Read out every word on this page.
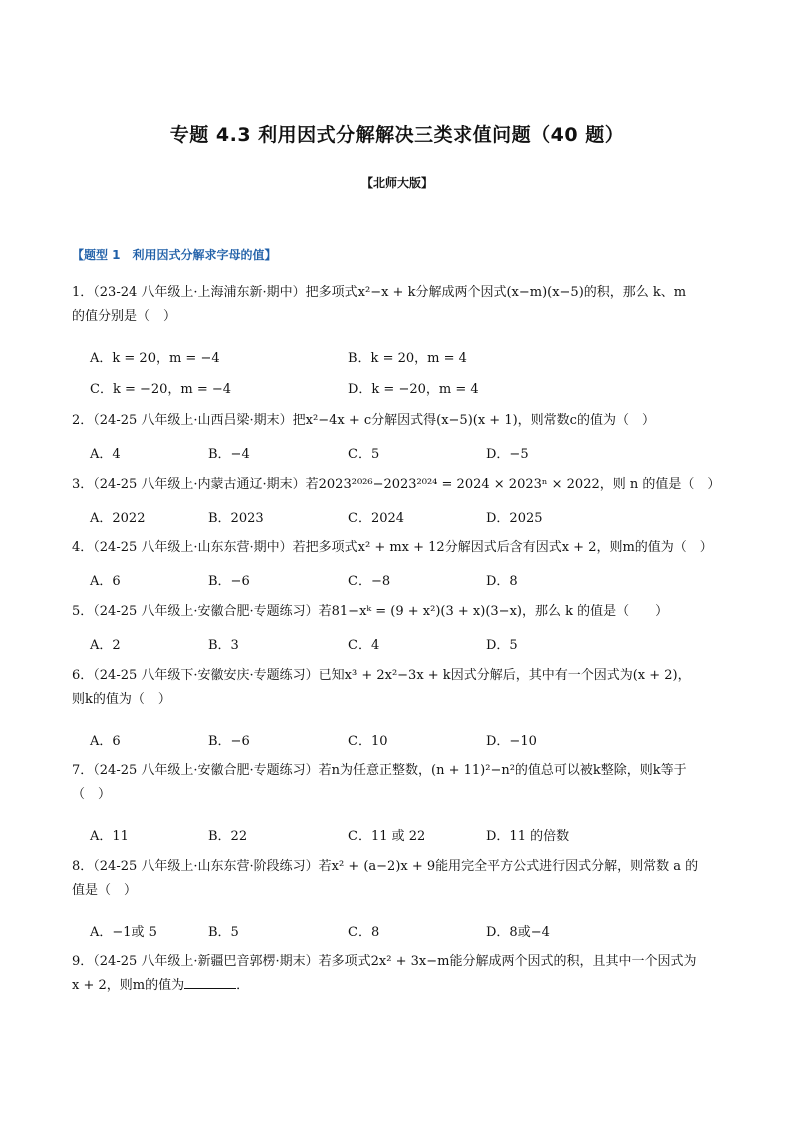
专题 4.3 利用因式分解解决三类求值问题（40 题）
【北师大版】
【题型 1　利用因式分解求字母的值】
1．（23-24 八年级上·上海浦东新·期中）把多项式x²−x + k分解成两个因式(x−m)(x−5)的积，那么 k、m
的值分别是（　）
A．k = 20，m = −4	B．k = 20，m = 4
C．k = −20，m = −4	D．k = −20，m = 4
2．（24-25 八年级上·山西吕梁·期末）把x²−4x + c分解因式得(x−5)(x + 1)，则常数c的值为（　）
A．4	B．−4	C．5	D．−5
3．（24-25 八年级上·内蒙古通辽·期末）若2023²⁰²⁶−2023²⁰²⁴ = 2024 × 2023ⁿ × 2022，则 n 的值是（　）
A．2022	B．2023	C．2024	D．2025
4．（24-25 八年级上·山东东营·期中）若把多项式x² + mx + 12分解因式后含有因式x + 2，则m的值为（　）
A．6	B．−6	C．−8	D．8
5．（24-25 八年级上·安徽合肥·专题练习）若81−xᵏ = (9 + x²)(3 + x)(3−x)，那么 k 的值是（　　）
A．2	B．3	C．4	D．5
6．（24-25 八年级下·安徽安庆·专题练习）已知x³ + 2x²−3x + k因式分解后，其中有一个因式为(x + 2)，
则k的值为（　）
A．6	B．−6	C．10	D．−10
7．（24-25 八年级上·安徽合肥·专题练习）若n为任意正整数，(n + 11)²−n²的值总可以被k整除，则k等于
（　）
A．11	B．22	C．11 或 22	D．11 的倍数
8．（24-25 八年级上·山东东营·阶段练习）若x² + (a−2)x + 9能用完全平方公式进行因式分解，则常数 a 的
值是（　）
A．−1或 5	B．5	C．8	D．8或−4
9．（24-25 八年级上·新疆巴音郭楞·期末）若多项式2x² + 3x−m能分解成两个因式的积，且其中一个因式为
x + 2，则m的值为	．
